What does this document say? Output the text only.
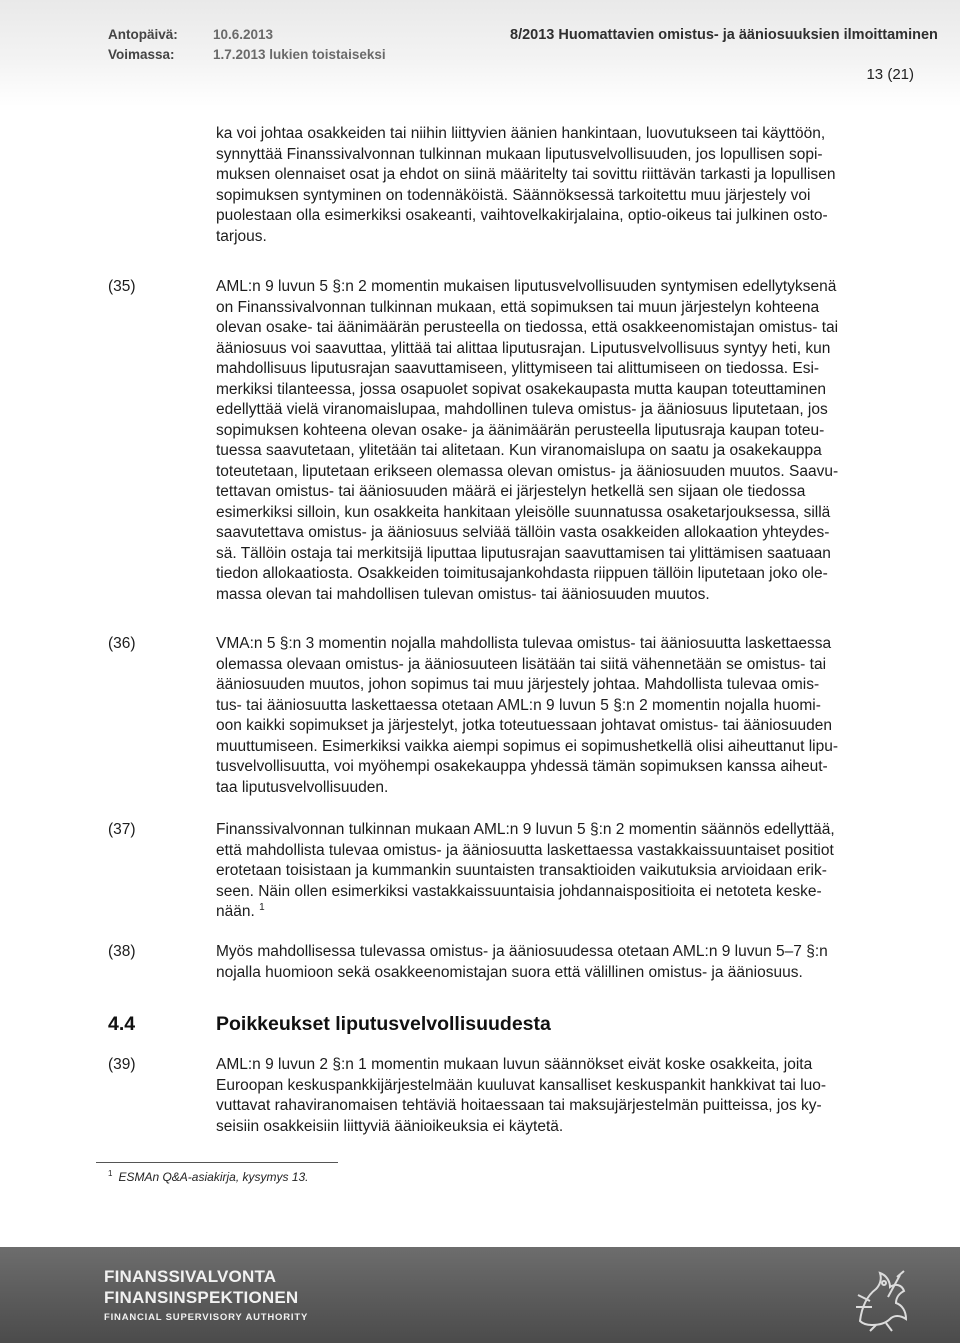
Antopäivä:	10.6.2013
Voimassa:	1.7.2013 lukien toistaiseksi
8/2013 Huomattavien omistus- ja ääniosuuksien ilmoittaminen
13 (21)
ka voi johtaa osakkeiden tai niihin liittyvien äänien hankintaan, luovutukseen tai käyttöön,
synnyttää Finanssivalvonnan tulkinnan mukaan liputusvelvollisuuden, jos lopullisen sopi-
muksen olennaiset osat ja ehdot on siinä määritelty tai sovittu riittävän tarkasti ja lopullisen
sopimuksen syntyminen on todennäköistä. Säännöksessä tarkoitettu muu järjestely voi
puolestaan olla esimerkiksi osakeanti, vaihtovelkakirjalaina, optio-oikeus tai julkinen osto-
tarjous.
(35)	AML:n 9 luvun 5 §:n 2 momentin mukaisen liputusvelvollisuuden syntymisen edellytyksenä
on Finanssivalvonnan tulkinnan mukaan, että sopimuksen tai muun järjestelyn kohteena
olevan osake- tai äänimäärän perusteella on tiedossa, että osakkeenomistajan omistus- tai
ääniosuus voi saavuttaa, ylittää tai alittaa liputusrajan. Liputusvelvollisuus syntyy heti, kun
mahdollisuus liputusrajan saavuttamiseen, ylittymiseen tai alittumiseen on tiedossa. Esi-
merkiksi tilanteessa, jossa osapuolet sopivat osakekaupasta mutta kaupan toteuttaminen
edellyttää vielä viranomaislupaa, mahdollinen tuleva omistus- ja ääniosuus liputetaan, jos
sopimuksen kohteena olevan osake- ja äänimäärän perusteella liputusraja kaupan toteu-
tuessa saavutetaan, ylitetään tai alitetaan. Kun viranomaislupa on saatu ja osakekauppa
toteutetaan, liputetaan erikseen olemassa olevan omistus- ja ääniosuuden muutos. Saavu-
tettavan omistus- tai ääniosuuden määrä ei järjestelyn hetkellä sen sijaan ole tiedossa
esimerkiksi silloin, kun osakkeita hankitaan yleisölle suunnatussa osaketarjouksessa, sillä
saavutettava omistus- ja ääniosuus selviää tällöin vasta osakkeiden allokaation yhteydes-
sä. Tällöin ostaja tai merkitsijä liputtaa liputusrajan saavuttamisen tai ylittämisen saatuaan
tiedon allokaatiosta. Osakkeiden toimitusajankohdasta riippuen tällöin liputetaan joko ole-
massa olevan tai mahdollisen tulevan omistus- tai ääniosuuden muutos.
(36)	VMA:n 5 §:n 3 momentin nojalla mahdollista tulevaa omistus- tai ääniosuutta laskettaessa
olemassa olevaan omistus- ja ääniosuuteen lisätään tai siitä vähennetään se omistus- tai
ääniosuuden muutos, johon sopimus tai muu järjestely johtaa. Mahdollista tulevaa omis-
tus- tai ääniosuutta laskettaessa otetaan AML:n 9 luvun 5 §:n 2 momentin nojalla huomi-
oon kaikki sopimukset ja järjestelyt, jotka toteutuessaan johtavat omistus- tai ääniosuuden
muuttumiseen. Esimerkiksi vaikka aiempi sopimus ei sopimushetkellä olisi aiheuttanut lipu-
tusvelvollisuutta, voi myöhempi osakekauppa yhdessä tämän sopimuksen kanssa aiheut-
taa liputusvelvollisuuden.
(37)	Finanssivalvonnan tulkinnan mukaan AML:n 9 luvun 5 §:n 2 momentin säännös edellyttää,
että mahdollista tulevaa omistus- ja ääniosuutta laskettaessa vastakkaissuuntaiset positiot
erotetaan toisistaan ja kummankin suuntaisten transaktioiden vaikutuksia arvioidaan erik-
seen. Näin ollen esimerkiksi vastakkaissuuntaisia johdannaispositioita ei netoteta keske-
nään. $^1$
(38)	Myös mahdollisessa tulevassa omistus- ja ääniosuudessa otetaan AML:n 9 luvun 5–7 §:n
nojalla huomioon sekä osakkeenomistajan suora että välillinen omistus- ja ääniosuus.
4.4	Poikkeukset liputusvelvollisuudesta
(39)	AML:n 9 luvun 2 §:n 1 momentin mukaan luvun säännökset eivät koske osakkeita, joita
Euroopan keskuspankkijärjestelmään kuuluvat kansalliset keskuspankit hankkivat tai luo-
vuttavat rahaviranomaisen tehtäviä hoitaessaan tai maksujärjestelmän puitteissa, jos ky-
seisiin osakkeisiin liittyviä äänioikeuksia ei käytetä.
$^1$ ESMAn Q&A-asiakirja, kysymys 13.
FINANSSIVALVONTA
FINANSINSPEKTIONEN
FINANCIAL SUPERVISORY AUTHORITY
